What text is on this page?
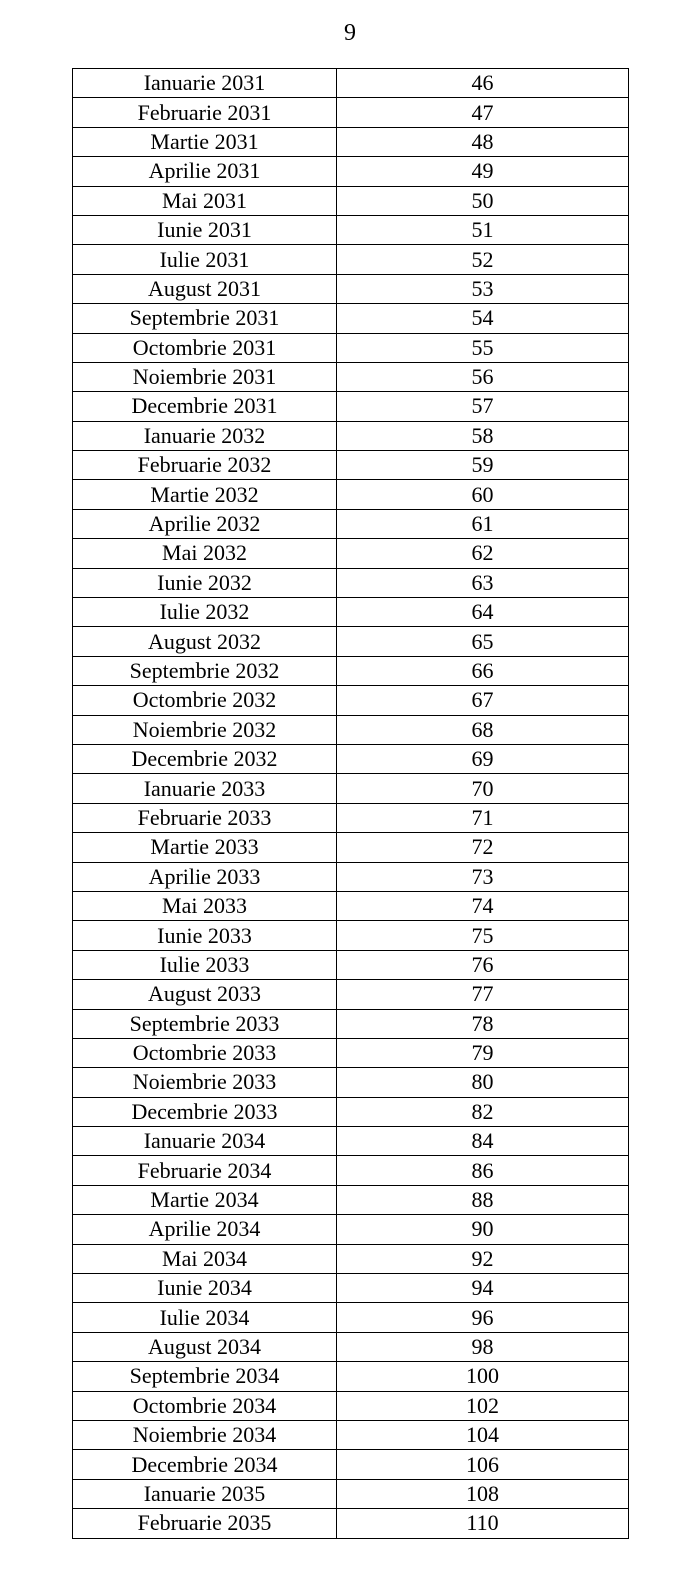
9
Ianuarie 2031	46
Februarie 2031	47
Martie 2031	48
Aprilie 2031	49
Mai 2031	50
Iunie 2031	51
Iulie 2031	52
August 2031	53
Septembrie 2031	54
Octombrie 2031	55
Noiembrie 2031	56
Decembrie 2031	57
Ianuarie 2032	58
Februarie 2032	59
Martie 2032	60
Aprilie 2032	61
Mai 2032	62
Iunie 2032	63
Iulie 2032	64
August 2032	65
Septembrie 2032	66
Octombrie 2032	67
Noiembrie 2032	68
Decembrie 2032	69
Ianuarie 2033	70
Februarie 2033	71
Martie 2033	72
Aprilie 2033	73
Mai 2033	74
Iunie 2033	75
Iulie 2033	76
August 2033	77
Septembrie 2033	78
Octombrie 2033	79
Noiembrie 2033	80
Decembrie 2033	82
Ianuarie 2034	84
Februarie 2034	86
Martie 2034	88
Aprilie 2034	90
Mai 2034	92
Iunie 2034	94
Iulie 2034	96
August 2034	98
Septembrie 2034	100
Octombrie 2034	102
Noiembrie 2034	104
Decembrie 2034	106
Ianuarie 2035	108
Februarie 2035	110
